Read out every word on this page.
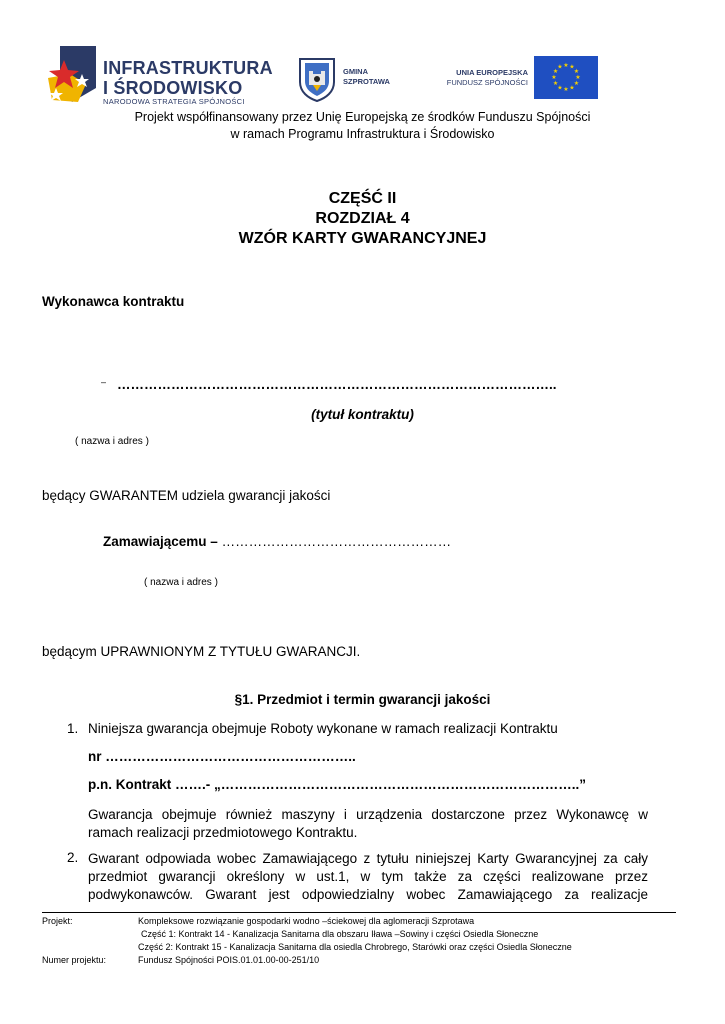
INFRASTRUKTURA
I ŚRODOWISKO
NARODOWA STRATEGIA SPÓJNOŚCI
GMINA
SZPROTAWA
UNIA EUROPEJSKA
FUNDUSZ SPÓJNOŚCI
★ ★
★
★
★
★
★
★
★
★
★
★
Projekt współfinansowany przez Unię Europejską ze środków Funduszu Spójności
w ramach Programu Infrastruktura i Środowisko
CZĘŚĆ II
ROZDZIAŁ 4
WZÓR KARTY GWARANCYJNEJ
Wykonawca kontraktu
– ……………………………………………………………………………………..
(tytuł kontraktu)
( nazwa i adres )
będący GWARANTEM udziela gwarancji jakości
Zamawiającemu – ……………………………………………
( nazwa i adres )
będącym UPRAWNIONYM Z TYTUŁU GWARANCJI.
§1. Przedmiot i termin gwarancji jakości
1. Niniejsza gwarancja obejmuje Roboty wykonane w ramach realizacji Kontraktu
nr ………………………………………………..
p.n. Kontrakt …….- „……………………………………………………………………..”
Gwarancja obejmuje również maszyny i urządzenia dostarczone przez Wykonawcę w
ramach realizacji przedmiotowego Kontraktu.
2. Gwarant odpowiada wobec Zamawiającego z tytułu niniejszej Karty Gwarancyjnej za cały
przedmiot gwarancji określony w ust.1, w tym także za części realizowane przez
podwykonawców. Gwarant jest odpowiedzialny wobec Zamawiającego za realizacje
Projekt:	Kompleksowe rozwiązanie gospodarki wodno –ściekowej dla aglomeracji Szprotawa
Część 1: Kontrakt 14 - Kanalizacja Sanitarna dla obszaru Iława –Sowiny i części Osiedla Słoneczne
Część 2: Kontrakt 15 - Kanalizacja Sanitarna dla osiedla Chrobrego, Starówki oraz części Osiedla Słoneczne
Numer projektu:	Fundusz Spójności POIS.01.01.00-00-251/10
